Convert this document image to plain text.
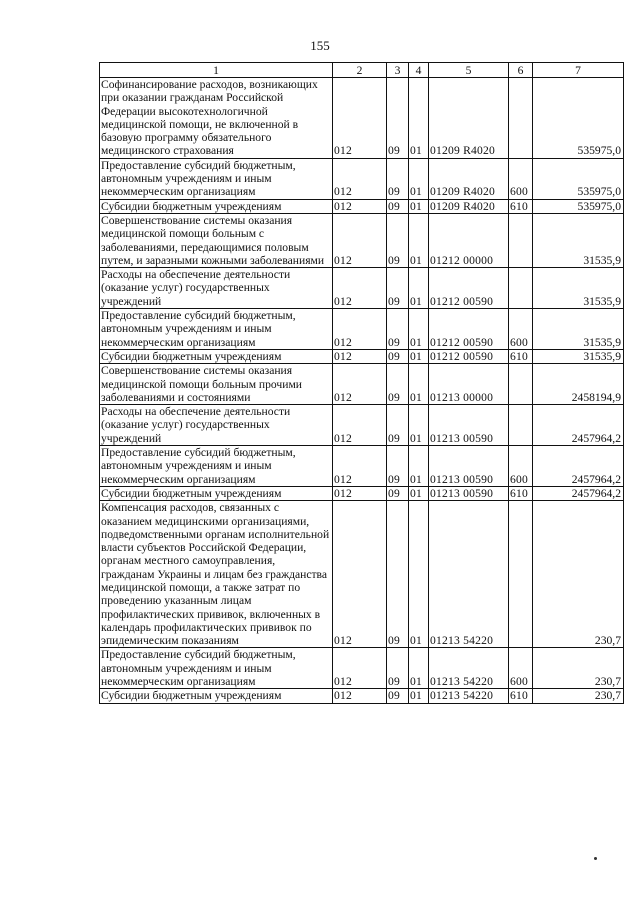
155
1	2	3	4	5	6	7
Софинансирование расходов, возникающих при оказании гражданам Российской Федерации высокотехнологичной медицинской помощи, не включенной в базовую программу обязательного медицинского страхования	012	09	01	01209 R4020		535975,0
Предоставление субсидий бюджетным, автономным учреждениям и иным некоммерческим организациям	012	09	01	01209 R4020	600	535975,0
Субсидии бюджетным учреждениям	012	09	01	01209 R4020	610	535975,0
Совершенствование системы оказания медицинской помощи больным с заболеваниями, передающимися половым путем, и заразными кожными заболеваниями	012	09	01	01212 00000		31535,9
Расходы на обеспечение деятельности (оказание услуг) государственных учреждений	012	09	01	01212 00590		31535,9
Предоставление субсидий бюджетным, автономным учреждениям и иным некоммерческим организациям	012	09	01	01212 00590	600	31535,9
Субсидии бюджетным учреждениям	012	09	01	01212 00590	610	31535,9
Совершенствование системы оказания медицинской помощи больным прочими заболеваниями и состояниями	012	09	01	01213 00000		2458194,9
Расходы на обеспечение деятельности (оказание услуг) государственных учреждений	012	09	01	01213 00590		2457964,2
Предоставление субсидий бюджетным, автономным учреждениям и иным некоммерческим организациям	012	09	01	01213 00590	600	2457964,2
Субсидии бюджетным учреждениям	012	09	01	01213 00590	610	2457964,2
Компенсация расходов, связанных с оказанием медицинскими организациями, подведомственными органам исполнительной власти субъектов Российской Федерации, органам местного самоуправления, гражданам Украины и лицам без гражданства медицинской помощи, а также затрат по проведению указанным лицам профилактических прививок, включенных в календарь профилактических прививок по эпидемическим показаниям	012	09	01	01213 54220		230,7
Предоставление субсидий бюджетным, автономным учреждениям и иным некоммерческим организациям	012	09	01	01213 54220	600	230,7
Субсидии бюджетным учреждениям	012	09	01	01213 54220	610	230,7
